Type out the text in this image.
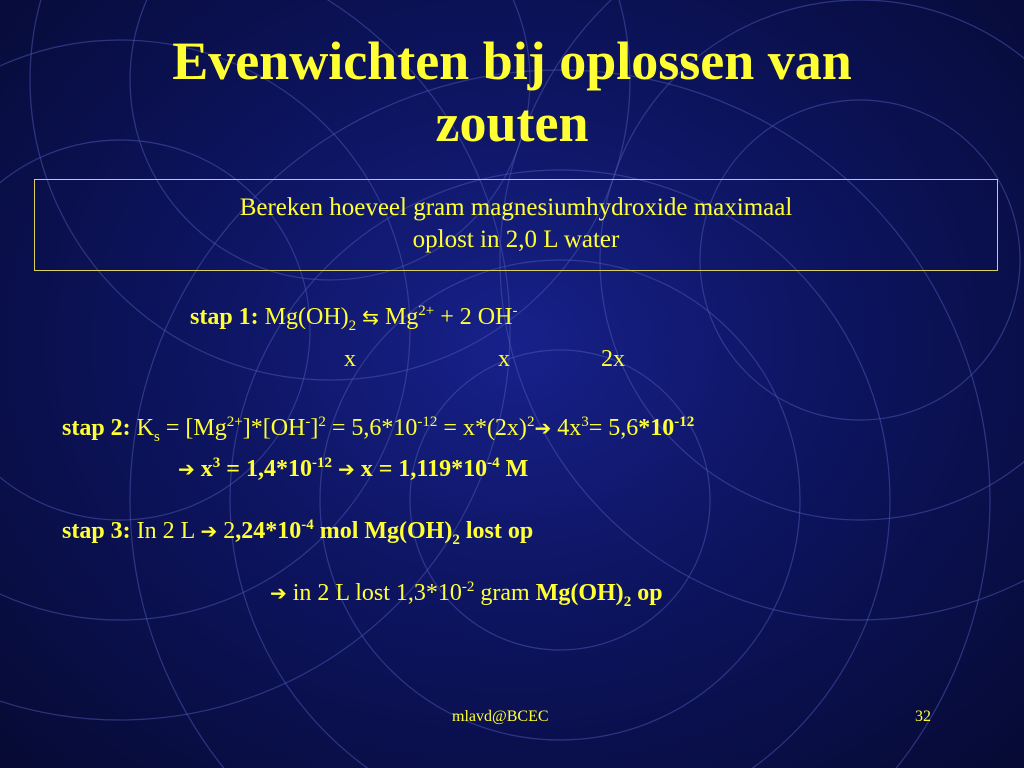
Evenwichten bij oplossen van
zouten
Bereken hoeveel gram magnesiumhydroxide maximaal
oplost in 2,0 L water
stap 1: $Mg(OH)_2$ ⇆ $Mg^{2+} + 2$ OH-
x	x	2x
stap 2: $K_s = [Mg^{2+}]*[OH^-]^2 = 5,6*10^{-12}$ = $x*(2x)^2➔$ $4x^3= 5,6*10^{-12}$
➔ $x^3 = 1,4*10^{-12}$ ➔ $x = 1,119*10^{-4}$ M
stap 3: In 2 L ➔ $2,24*10^{-4}$ mol $Mg(OH)_2$ lost op
➔ in 2 L lost $1,3*10^{-2}$ gram $Mg(OH)_2$ op
mlavd@BCEC	32
